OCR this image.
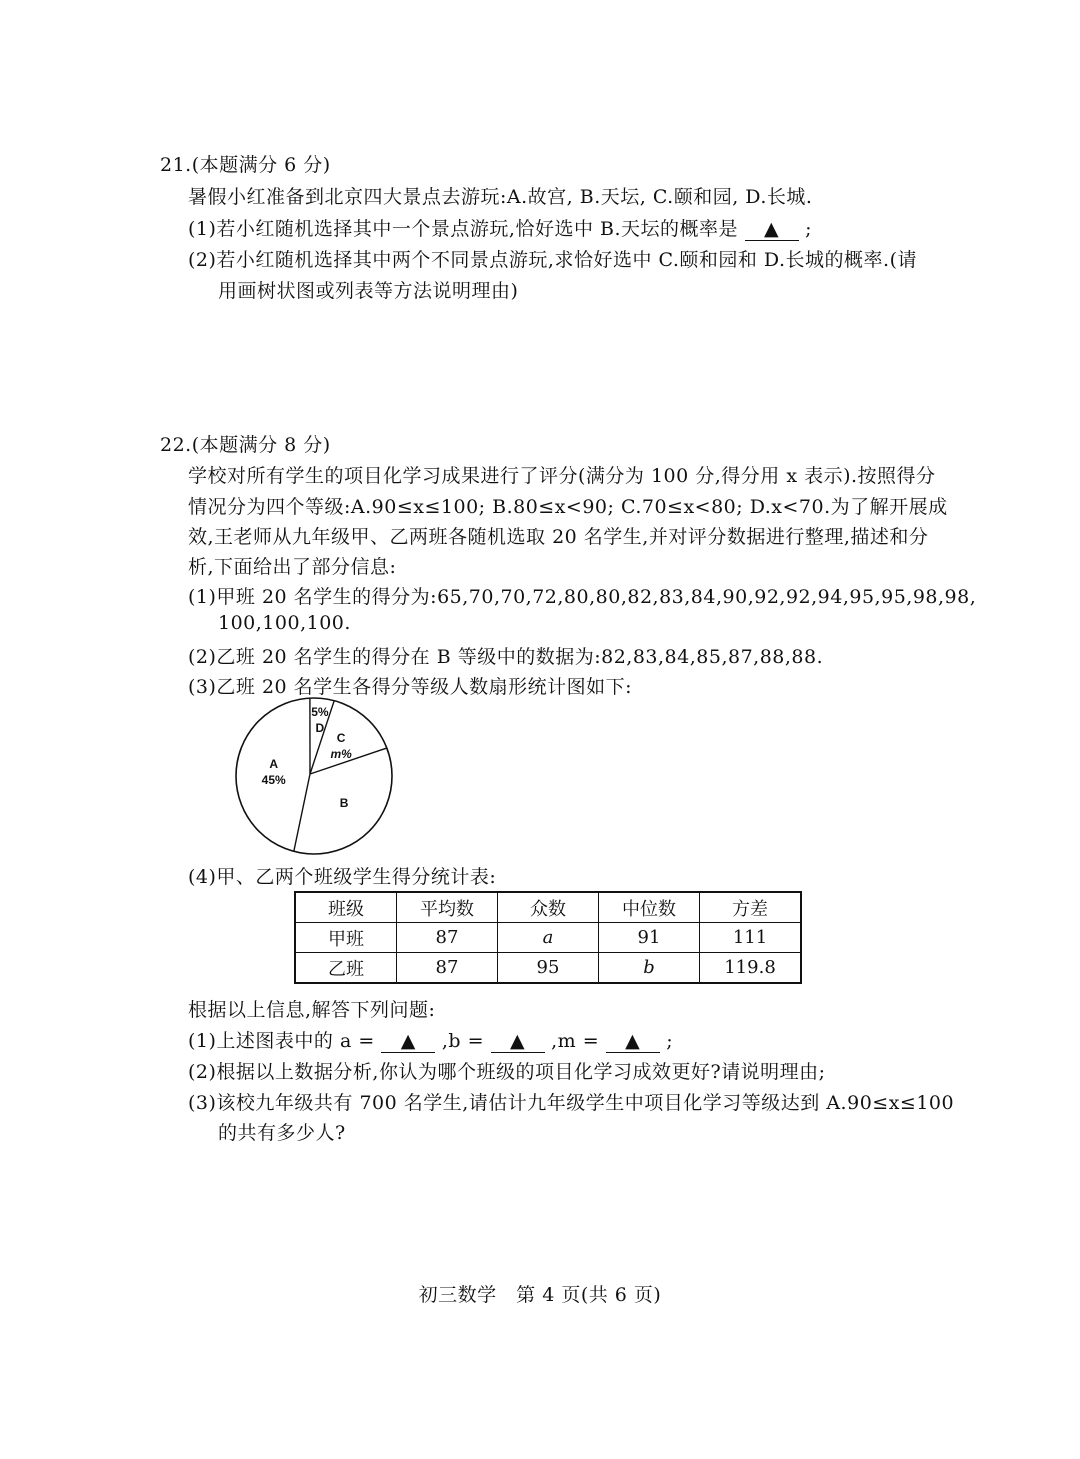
21.(本题满分 6 分)
暑假小红准备到北京四大景点去游玩:A.故宫, B.天坛, C.颐和园, D.长城.
(1)若小红随机选择其中一个景点游玩,恰好选中 B.天坛的概率是 ▲ ;
(2)若小红随机选择其中两个不同景点游玩,求恰好选中 C.颐和园和 D.长城的概率.(请
用画树状图或列表等方法说明理由)
22.(本题满分 8 分)
学校对所有学生的项目化学习成果进行了评分(满分为 100 分,得分用 x 表示).按照得分
情况分为四个等级:A.90≤x≤100; B.80≤x<90; C.70≤x<80; D.x<70.为了解开展成
效,王老师从九年级甲、乙两班各随机选取 20 名学生,并对评分数据进行整理,描述和分
析,下面给出了部分信息:
(1)甲班 20 名学生的得分为:65,70,70,72,80,80,82,83,84,90,92,92,94,95,95,98,98,
100,100,100.
(2)乙班 20 名学生的得分在 B 等级中的数据为:82,83,84,85,87,88,88.
(3)乙班 20 名学生各得分等级人数扇形统计图如下:
m%
C
B
45%
A
D
5%
(4)甲、乙两个班级学生得分统计表:
班级	平均数	众数	中位数	方差
甲班	87	a	91	111
乙班	87	95	b	119.8
根据以上信息,解答下列问题:
(1)上述图表中的 a = ▲ ,b = ▲ ,m = ▲ ;
(2)根据以上数据分析,你认为哪个班级的项目化学习成效更好?请说明理由;
(3)该校九年级共有 700 名学生,请估计九年级学生中项目化学习等级达到 A.90≤x≤100
的共有多少人?
初三数学　第 4 页(共 6 页)
